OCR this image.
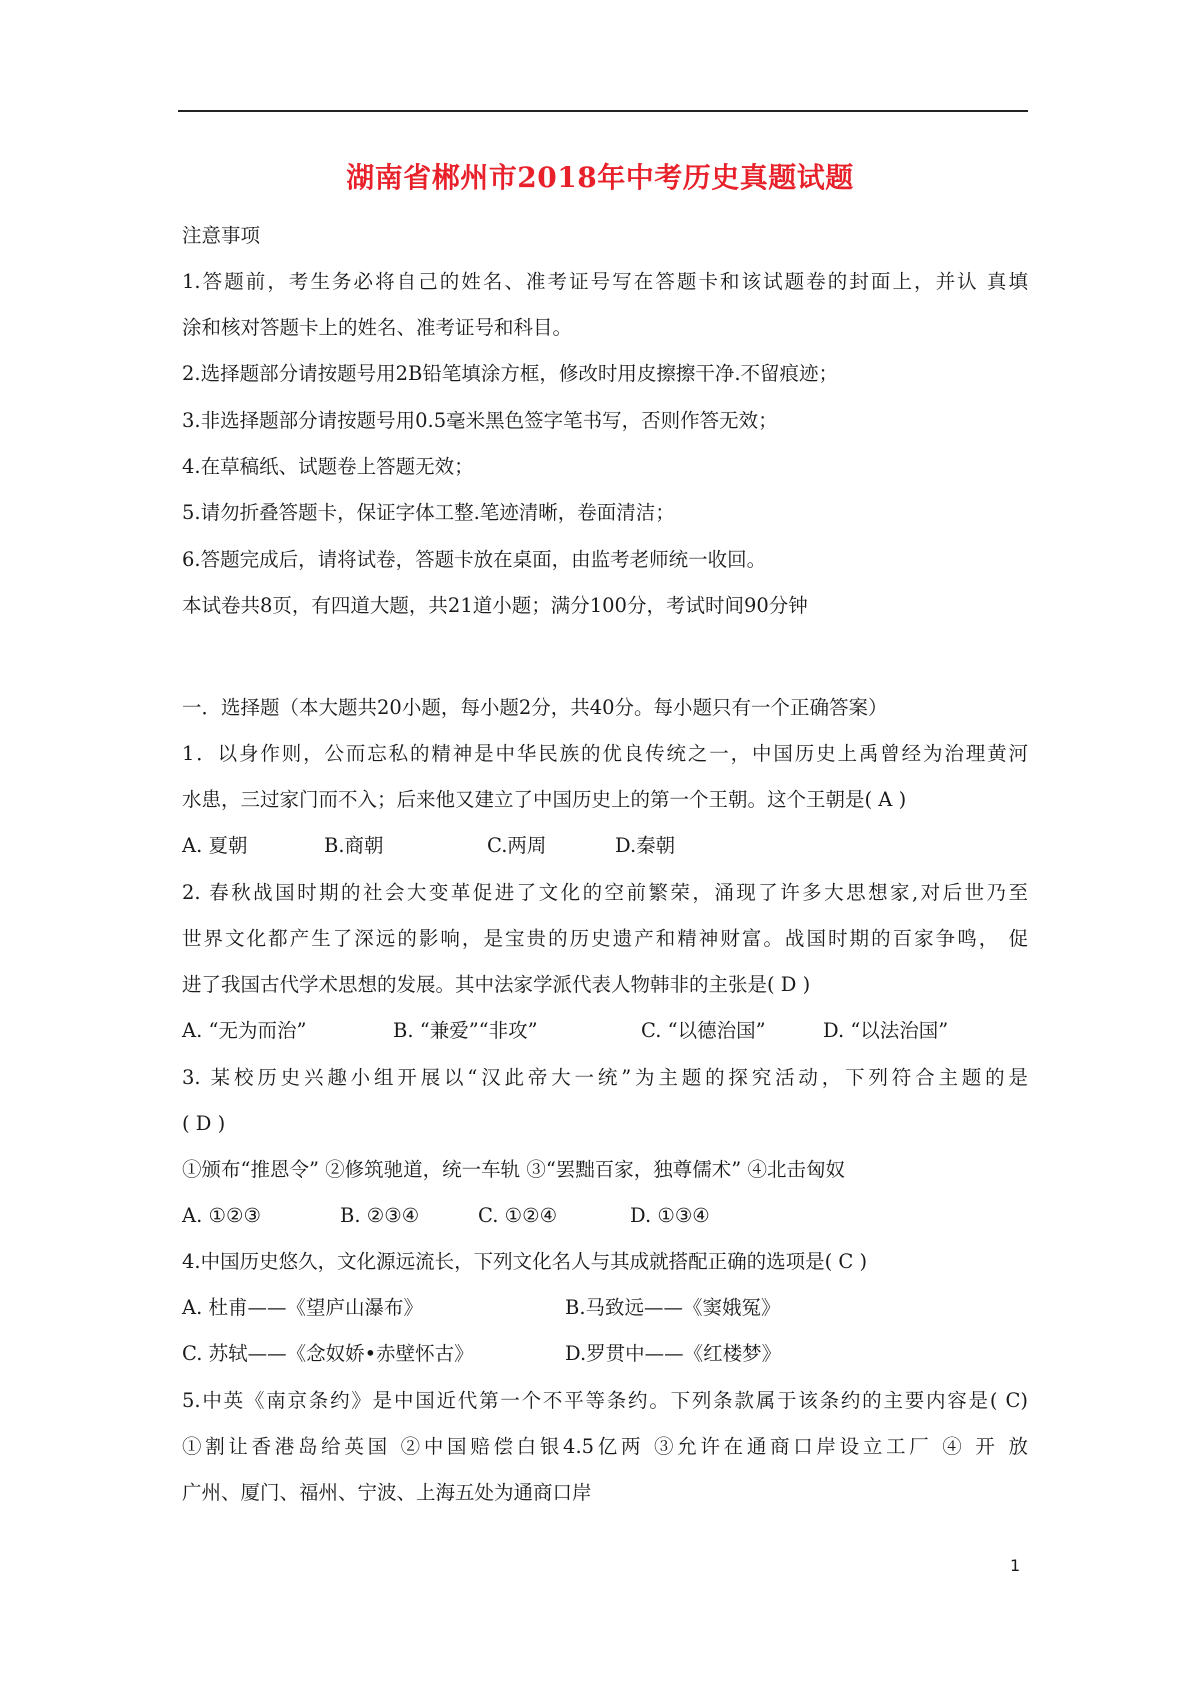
湖南省郴州市2018年中考历史真题试题
注意事项
1.答题前，考生务必将自己的姓名、准考证号写在答题卡和该试题卷的封面上，并认 真填
涂和核对答题卡上的姓名、准考证号和科目。
2.选择题部分请按题号用2B铅笔填涂方框，修改时用皮擦擦干净.不留痕迹；
3.非选择题部分请按题号用0.5毫米黑色签字笔书写，否则作答无效；
4.在草稿纸、试题卷上答题无效；
5.请勿折叠答题卡，保证字体工整.笔迹清晰，卷面清洁；
6.答题完成后，请将试卷，答题卡放在桌面，由监考老师统一收回。
本试卷共8页，有四道大题，共21道小题；满分100分，考试时间90分钟
一．选择题（本大题共20小题，每小题2分，共40分。每小题只有一个正确答案）
1．以身作则，公而忘私的精神是中华民族的优良传统之一，中国历史上禹曾经为治理黄河
水患，三过家门而不入；后来他又建立了中国历史上的第一个王朝。这个王朝是( A )
A. 夏朝	B.商朝	C.两周	D.秦朝
2. 春秋战国时期的社会大变革促进了文化的空前繁荣，涌现了许多大思想家,对后世乃至
世界文化都产生了深远的影响，是宝贵的历史遗产和精神财富。战国时期的百家争鸣， 促
进了我国古代学术思想的发展。其中法家学派代表人物韩非的主张是( D )
A. “无为而治”	B. “兼爱”“非攻”	C. “以德治国”	D. “以法治国”
3. 某校历史兴趣小组开展以“汉此帝大一统”为主题的探究活动，下列符合主题的是
( D )
①颁布“推恩令” ②修筑驰道，统一车轨 ③“罢黜百家，独尊儒术” ④北击匈奴
A. ①②③	B. ②③④	C. ①②④	D. ①③④
4.中国历史悠久，文化源远流长，下列文化名人与其成就搭配正确的选项是( C )
A. 杜甫——《望庐山瀑布》	B.马致远——《窦娥冤》
C. 苏轼——《念奴娇•赤壁怀古》	D.罗贯中——《红楼梦》
5.中英《南京条约》是中国近代第一个不平等条约。下列条款属于该条约的主要内容是( C)
①割让香港岛给英国 ②中国赔偿白银4.5亿两 ③允许在通商口岸设立工厂 ④ 开 放
广州、厦门、福州、宁波、上海五处为通商口岸
1
